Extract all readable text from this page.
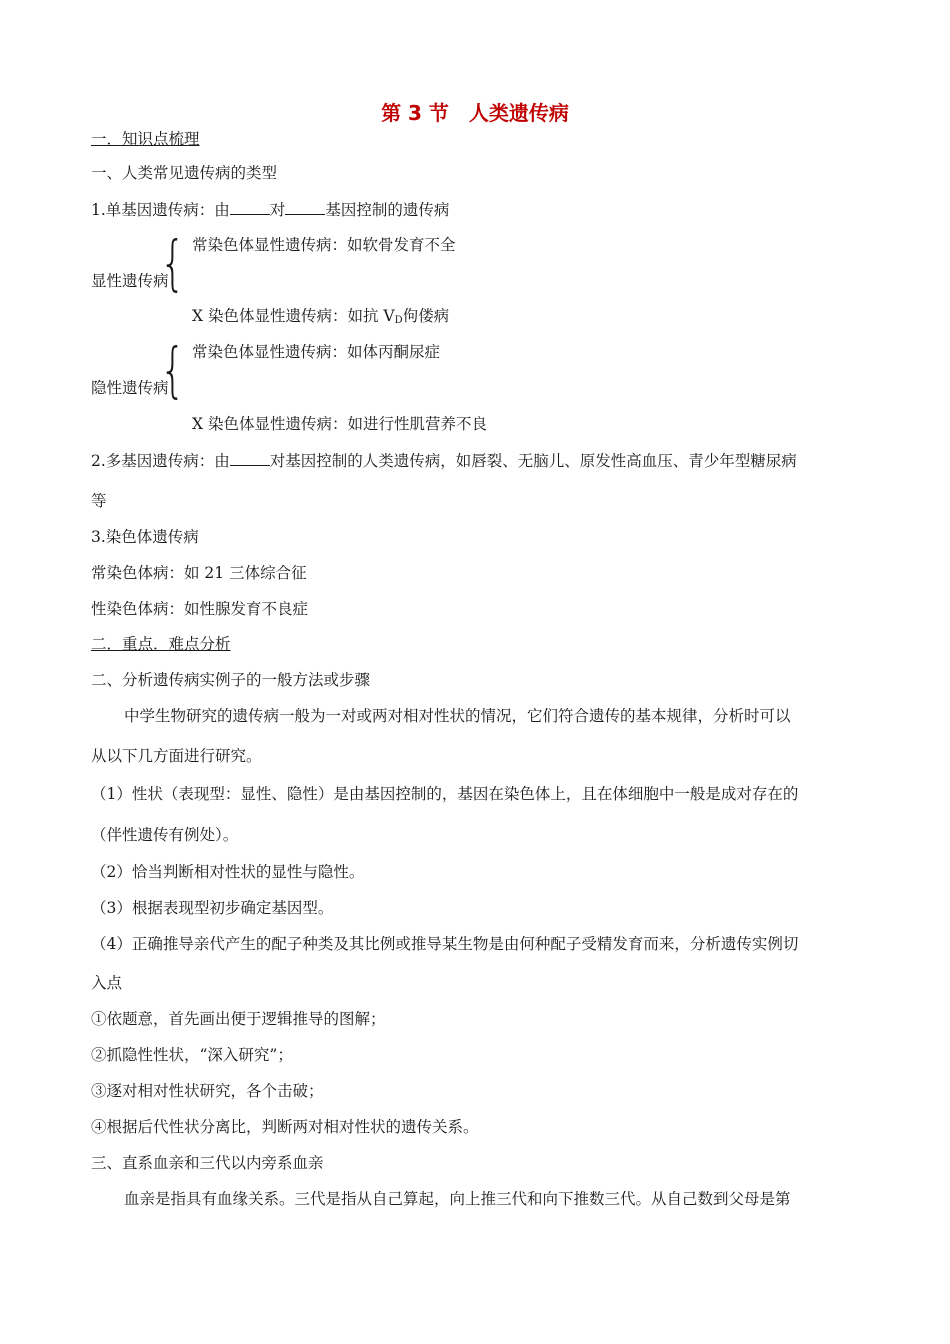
第 3 节　人类遗传病
一．知识点梳理
一、人类常见遗传病的类型
1.单基因遗传病：由	对	基因控制的遗传病
常染色体显性遗传病：如软骨发育不全
显性遗传病
{
X 染色体显性遗传病：如抗 $V_D$佝偻病
常染色体显性遗传病：如体丙酮尿症
隐性遗传病
{
X 染色体显性遗传病：如进行性肌营养不良
2.多基因遗传病：由	对基因控制的人类遗传病，如唇裂、无脑儿、原发性高血压、青少年型糖尿病
等
3.染色体遗传病
常染色体病：如 21 三体综合征
性染色体病：如性腺发育不良症
二．重点．难点分析
二、分析遗传病实例子的一般方法或步骤
中学生物研究的遗传病一般为一对或两对相对性状的情况，它们符合遗传的基本规律，分析时可以
从以下几方面进行研究。
（1）性状（表现型：显性、隐性）是由基因控制的，基因在染色体上，且在体细胞中一般是成对存在的
（伴性遗传有例处）。
（2）恰当判断相对性状的显性与隐性。
（3）根据表现型初步确定基因型。
（4）正确推导亲代产生的配子种类及其比例或推导某生物是由何种配子受精发育而来，分析遗传实例切
入点
①依题意，首先画出便于逻辑推导的图解；
②抓隐性性状，“深入研究”；
③逐对相对性状研究，各个击破；
④根据后代性状分离比，判断两对相对性状的遗传关系。
三、直系血亲和三代以内旁系血亲
血亲是指具有血缘关系。三代是指从自己算起，向上推三代和向下推数三代。从自己数到父母是第
